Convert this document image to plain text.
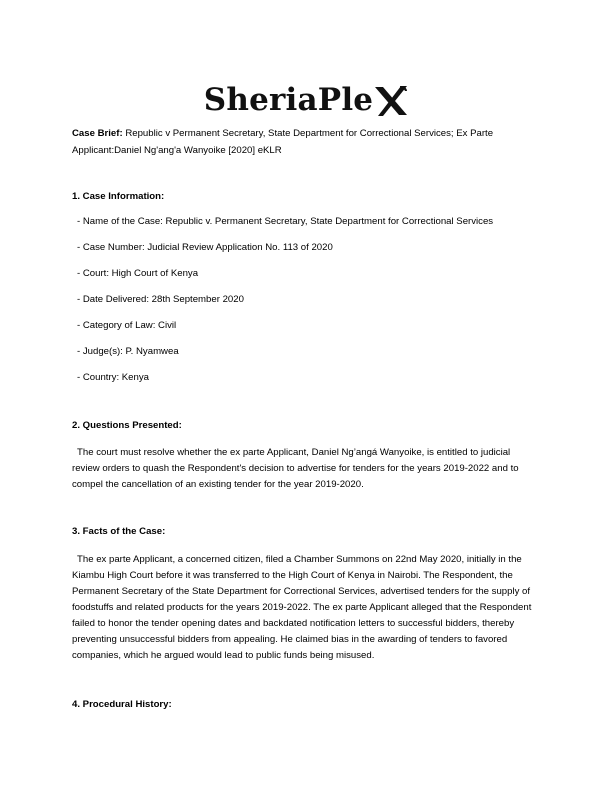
SheriaPle

Case Brief: Republic v Permanent Secretary, State Department for Correctional Services; Ex Parte Applicant:Daniel Ng'ang'a Wanyoike [2020] eKLR

1. Case Information:

- Name of the Case: Republic v. Permanent Secretary, State Department for Correctional Services

- Case Number: Judicial Review Application No. 113 of 2020

- Court: High Court of Kenya

- Date Delivered: 28th September 2020

- Category of Law: Civil

- Judge(s): P. Nyamwea

- Country: Kenya

2. Questions Presented:

The court must resolve whether the ex parte Applicant, Daniel Ng’angá Wanyoike, is entitled to judicial review orders to quash the Respondent's decision to advertise for tenders for the years 2019-2022 and to compel the cancellation of an existing tender for the year 2019-2020.

3. Facts of the Case:

The ex parte Applicant, a concerned citizen, filed a Chamber Summons on 22nd May 2020, initially in the Kiambu High Court before it was transferred to the High Court of Kenya in Nairobi. The Respondent, the Permanent Secretary of the State Department for Correctional Services, advertised tenders for the supply of foodstuffs and related products for the years 2019-2022. The ex parte Applicant alleged that the Respondent failed to honor the tender opening dates and backdated notification letters to successful bidders, thereby preventing unsuccessful bidders from appealing. He claimed bias in the awarding of tenders to favored companies, which he argued would lead to public funds being misused.

4. Procedural History:
